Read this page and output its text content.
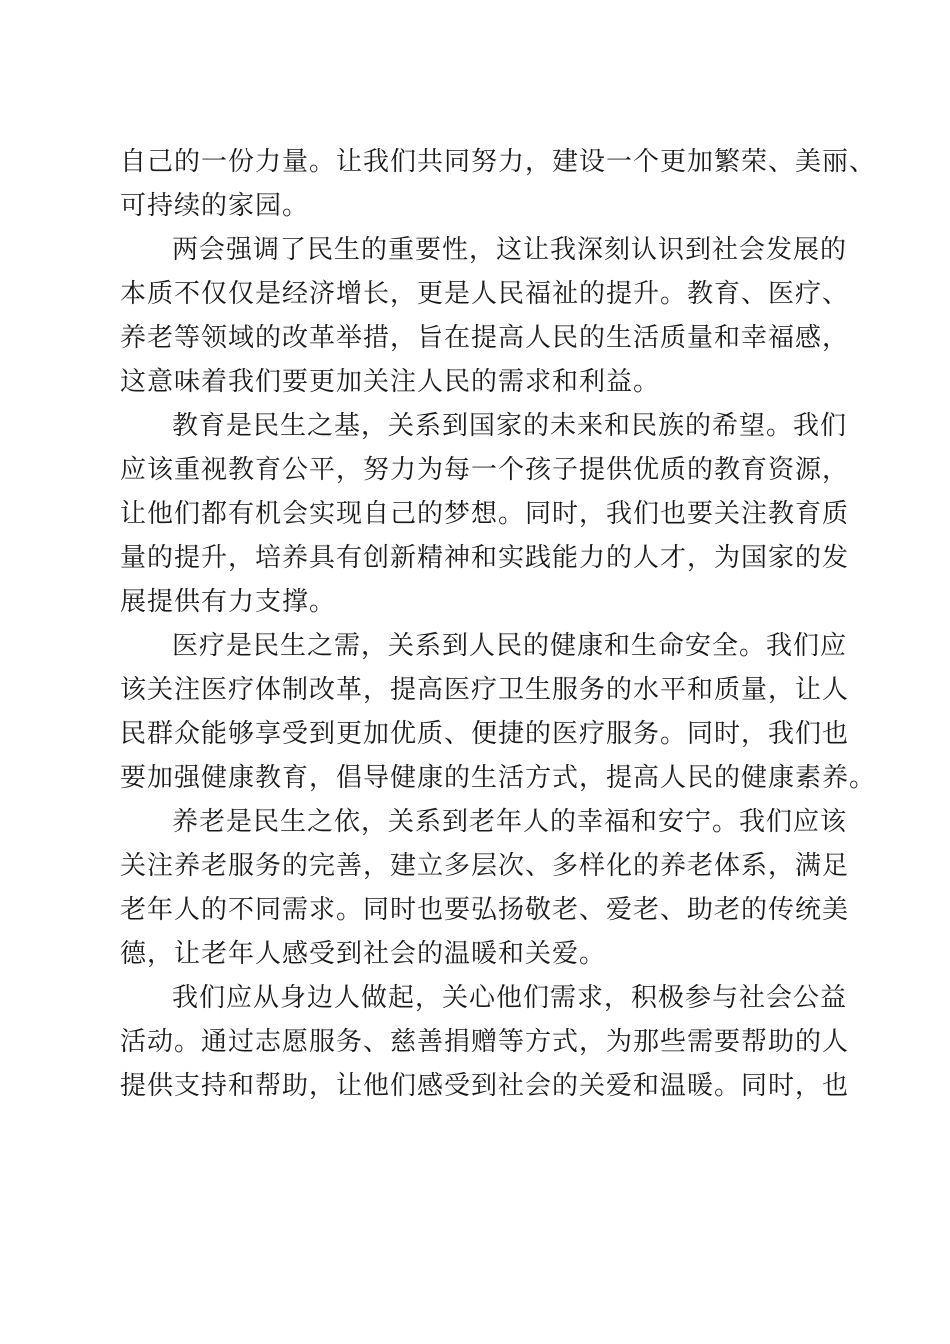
自己的一份力量。让我们共同努力，建设一个更加繁荣、美丽、
可持续的家园。
两会强调了民生的重要性，这让我深刻认识到社会发展的
本质不仅仅是经济增长，更是人民福祉的提升。教育、医疗、
养老等领域的改革举措，旨在提高人民的生活质量和幸福感，
这意味着我们要更加关注人民的需求和利益。
教育是民生之基，关系到国家的未来和民族的希望。我们
应该重视教育公平，努力为每一个孩子提供优质的教育资源，
让他们都有机会实现自己的梦想。同时，我们也要关注教育质
量的提升，培养具有创新精神和实践能力的人才，为国家的发
展提供有力支撑。
医疗是民生之需，关系到人民的健康和生命安全。我们应
该关注医疗体制改革，提高医疗卫生服务的水平和质量，让人
民群众能够享受到更加优质、便捷的医疗服务。同时，我们也
要加强健康教育，倡导健康的生活方式，提高人民的健康素养。
养老是民生之依，关系到老年人的幸福和安宁。我们应该
关注养老服务的完善，建立多层次、多样化的养老体系，满足
老年人的不同需求。同时也要弘扬敬老、爱老、助老的传统美
德，让老年人感受到社会的温暖和关爱。
我们应从身边人做起，关心他们需求，积极参与社会公益
活动。通过志愿服务、慈善捐赠等方式，为那些需要帮助的人
提供支持和帮助，让他们感受到社会的关爱和温暖。同时，也
